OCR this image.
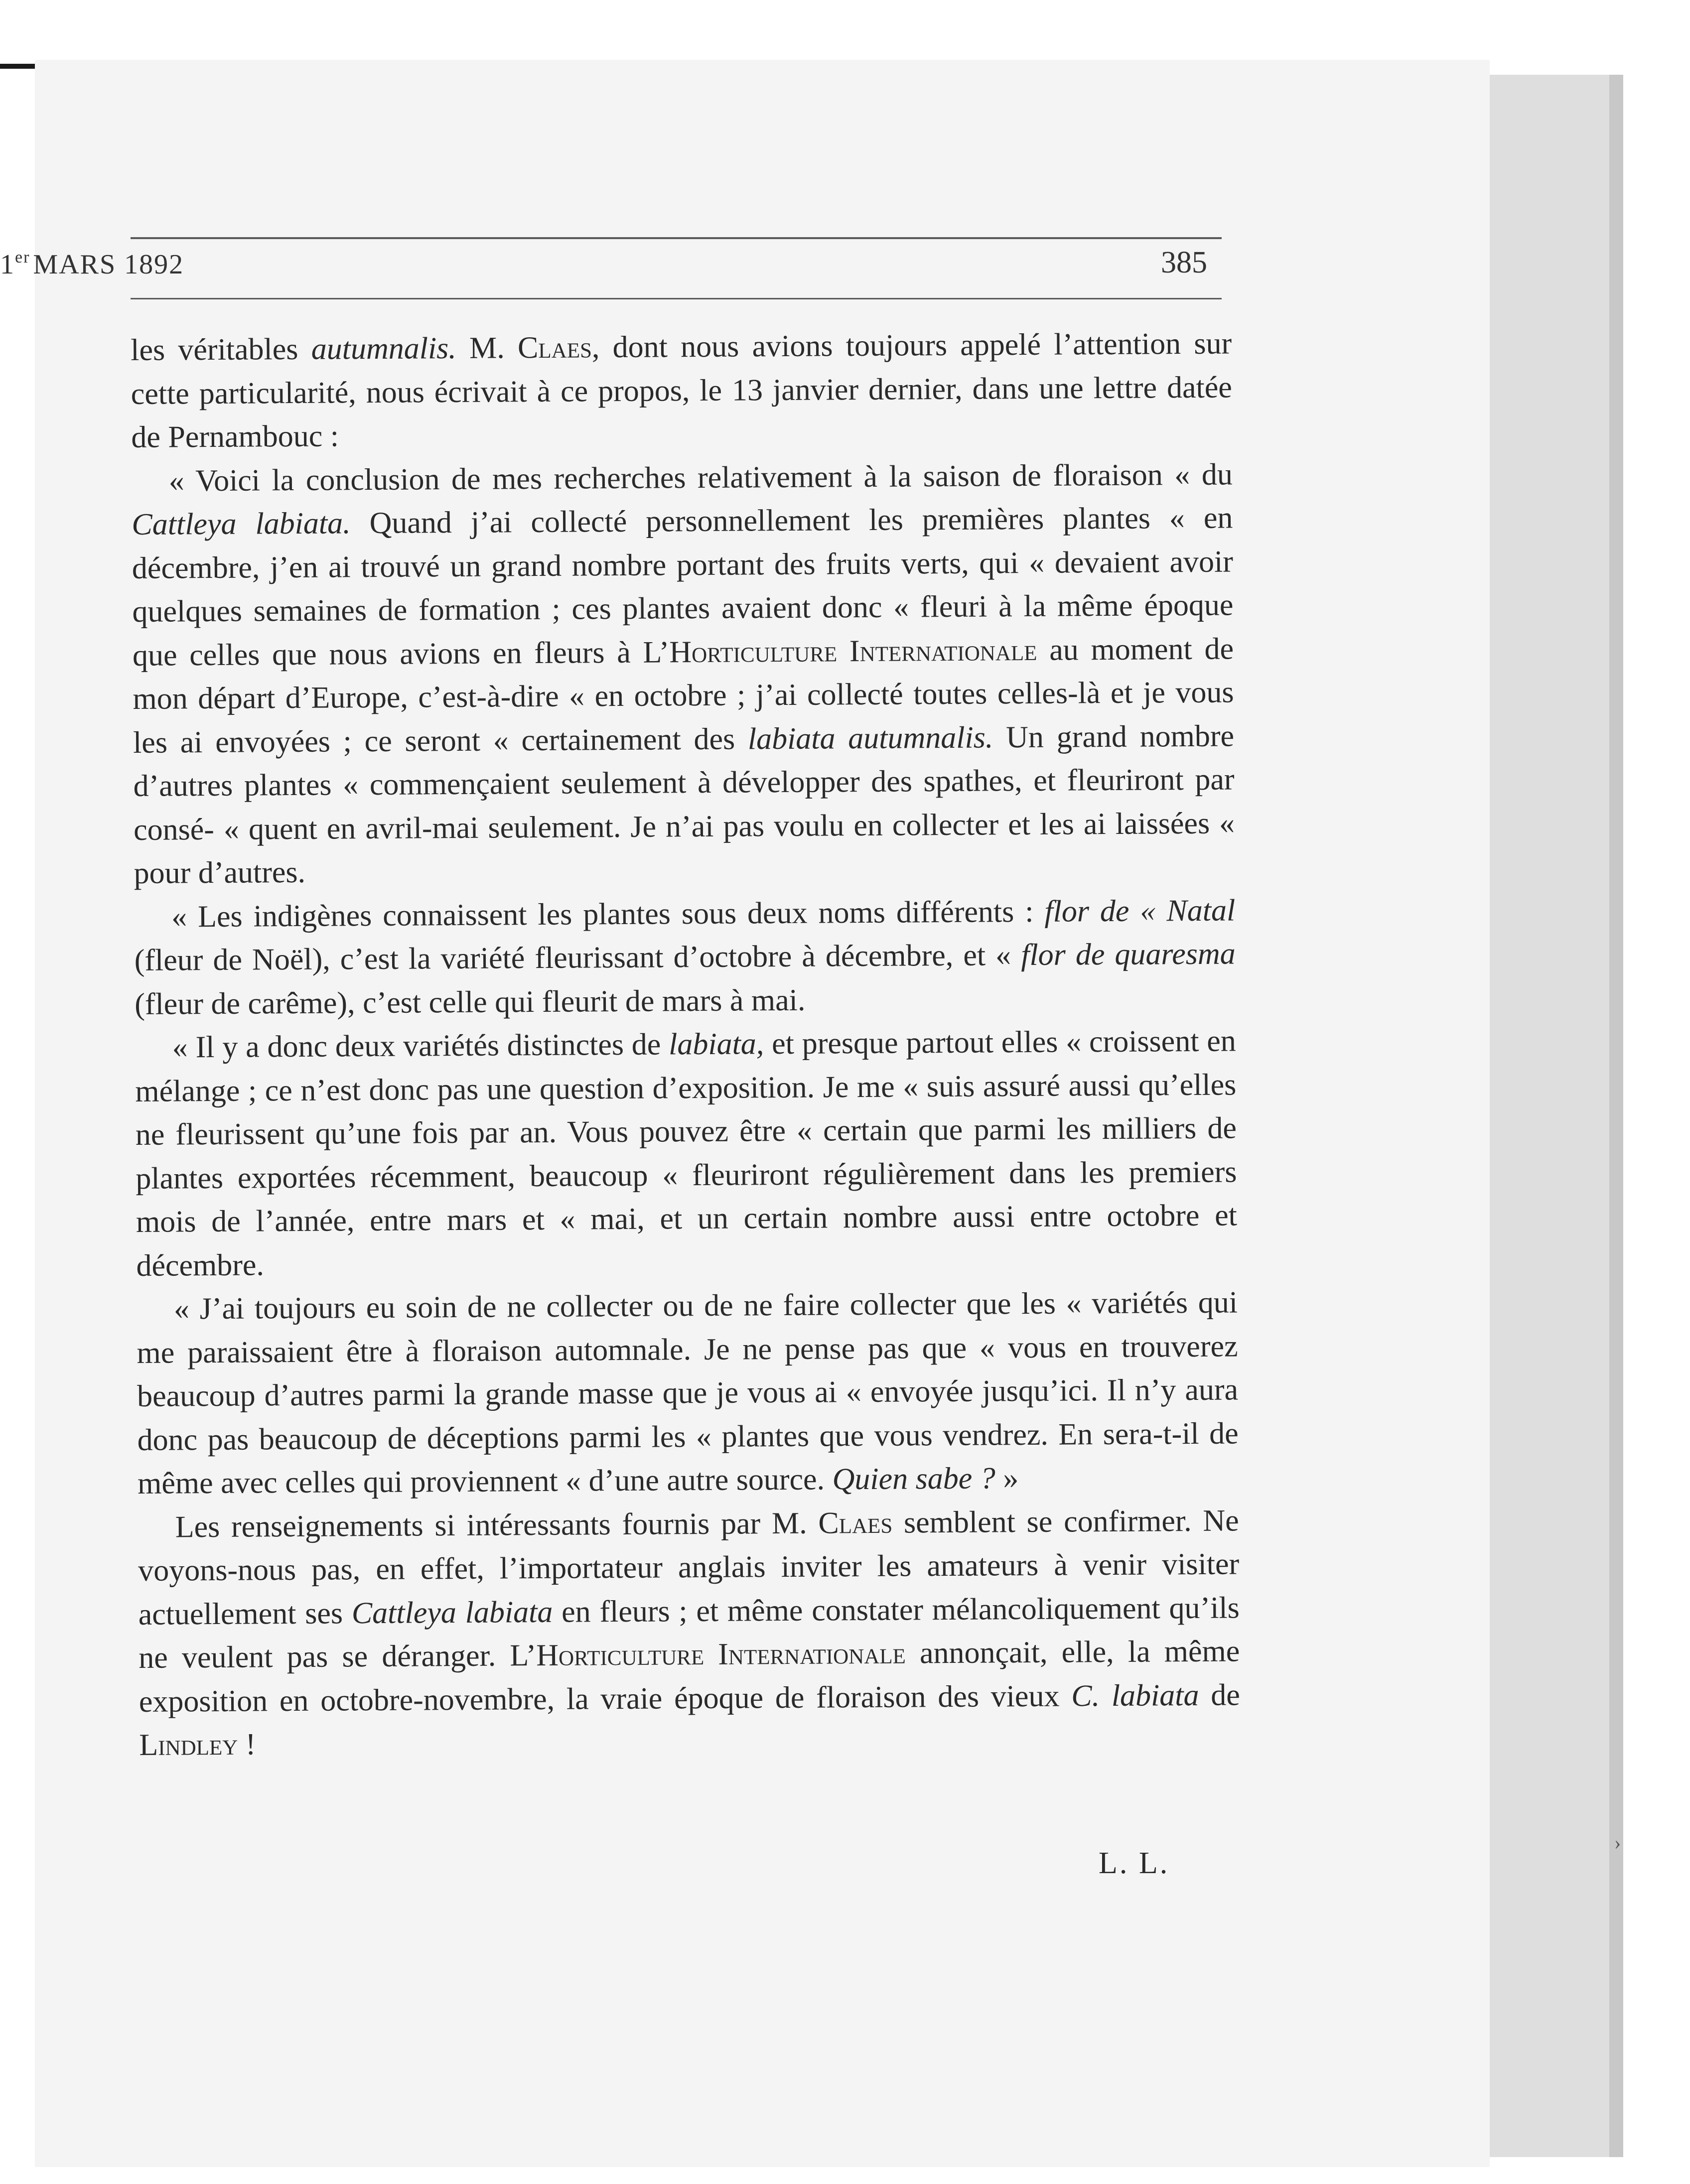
1er MARS 1892	385

les véritables autumnalis. M. Claes, dont nous avions toujours appelé l’attention sur cette particularité, nous écrivait à ce propos, le 13 janvier dernier, dans une lettre datée de Pernambouc :

« Voici la conclusion de mes recherches relativement à la saison de floraison « du Cattleya labiata. Quand j’ai collecté personnellement les premières plantes « en décembre, j’en ai trouvé un grand nombre portant des fruits verts, qui « devaient avoir quelques semaines de formation ; ces plantes avaient donc « fleuri à la même époque que celles que nous avions en fleurs à L’Horticulture Internationale au moment de mon départ d’Europe, c’est-à-dire « en octobre ; j’ai collecté toutes celles-là et je vous les ai envoyées ; ce seront « certainement des labiata autumnalis. Un grand nombre d’autres plantes « commençaient seulement à développer des spathes, et fleuriront par consé- « quent en avril-mai seulement. Je n’ai pas voulu en collecter et les ai laissées « pour d’autres.

« Les indigènes connaissent les plantes sous deux noms différents : flor de « Natal (fleur de Noël), c’est la variété fleurissant d’octobre à décembre, et « flor de quaresma (fleur de carême), c’est celle qui fleurit de mars à mai.

« Il y a donc deux variétés distinctes de labiata, et presque partout elles « croissent en mélange ; ce n’est donc pas une question d’exposition. Je me « suis assuré aussi qu’elles ne fleurissent qu’une fois par an. Vous pouvez être « certain que parmi les milliers de plantes exportées récemment, beaucoup « fleuriront régulièrement dans les premiers mois de l’année, entre mars et « mai, et un certain nombre aussi entre octobre et décembre.

« J’ai toujours eu soin de ne collecter ou de ne faire collecter que les « variétés qui me paraissaient être à floraison automnale. Je ne pense pas que « vous en trouverez beaucoup d’autres parmi la grande masse que je vous ai « envoyée jusqu’ici. Il n’y aura donc pas beaucoup de déceptions parmi les « plantes que vous vendrez. En sera-t-il de même avec celles qui proviennent « d’une autre source. Quien sabe ? »

Les renseignements si intéressants fournis par M. Claes semblent se confirmer. Ne voyons-nous pas, en effet, l’importateur anglais inviter les amateurs à venir visiter actuellement ses Cattleya labiata en fleurs ; et même constater mélancoliquement qu’ils ne veulent pas se déranger. L’Horticulture Internationale annonçait, elle, la même exposition en octobre-novembre, la vraie époque de floraison des vieux C. labiata de Lindley !

L. L.
›
